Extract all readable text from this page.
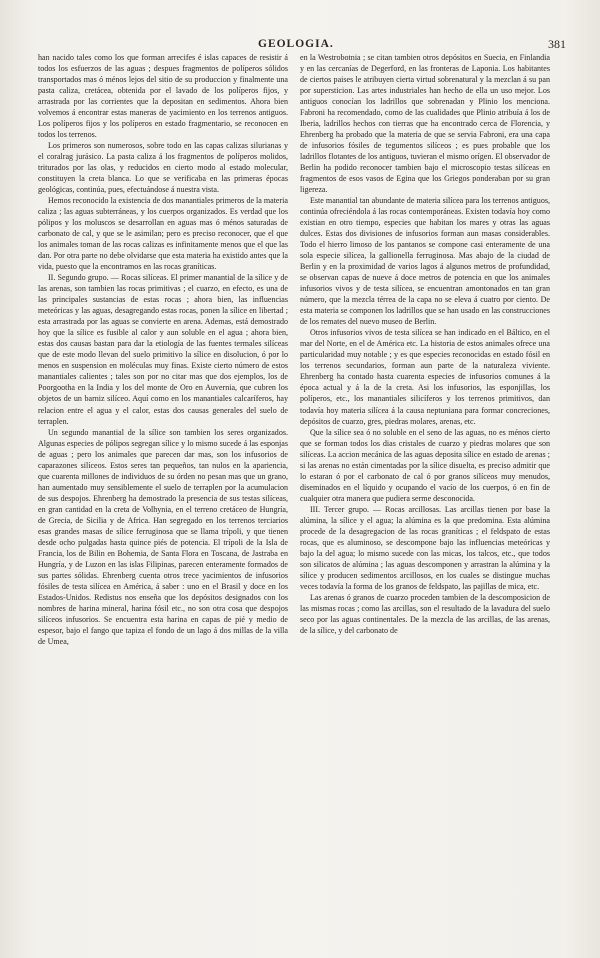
GEOLOGIA.	381

han nacido tales como los que forman arrecifes é islas capaces de resistir á todos los esfuerzos de las aguas ; despues fragmentos de políperos sólidos transportados mas ó ménos lejos del sitio de su produccion y finalmente una pasta caliza, cretácea, obtenida por el lavado de los políperos fijos, y arrastrada por las corrientes que la depositan en sedimentos. Ahora bien volvemos á encontrar estas maneras de yacimiento en los terrenos antiguos. Los políperos fijos y los políperos en estado fragmentario, se reconocen en todos los terrenos.

Los primeros son numerosos, sobre todo en las capas calizas silurianas y el coralrag jurásico. La pasta caliza á los fragmentos de políperos molidos, triturados por las olas, y reducidos en cierto modo al estado molecular, constituyen la creta blanca. Lo que se verificaba en las primeras épocas geológicas, continúa, pues, efectuándose á nuestra vista.

Hemos reconocido la existencia de dos manantiales primeros de la materia caliza ; las aguas subterráneas, y los cuerpos organizados. Es verdad que los pólipos y los moluscos se desarrollan en aguas mas ó ménos saturadas de carbonato de cal, y que se le asimilan; pero es preciso reconocer, que el que los animales toman de las rocas calizas es infinitamente menos que el que las dan. Por otra parte no debe olvidarse que esta materia ha existido antes que la vida, puesto que la encontramos en las rocas graníticas.

II. Segundo grupo. — Rocas silíceas. El primer manantial de la sílice y de las arenas, son tambien las rocas primitivas ; el cuarzo, en efecto, es una de las principales sustancias de estas rocas ; ahora bien, las influencias meteóricas y las aguas, desagregando estas rocas, ponen la sílice en libertad ; esta arrastrada por las aguas se convierte en arena. Ademas, está demostrado hoy que la sílice es fusible al calor y aun soluble en el agua ; ahora bien, estas dos causas bastan para dar la etiología de las fuentes termales silíceas que de este modo llevan del suelo primitivo la sílice en disolucion, ó por lo menos en suspension en moléculas muy finas. Existe cierto número de estos manantiales calientes ; tales son por no citar mas que dos ejemplos, los de Poorgootha en la India y los del monte de Oro en Auvernia, que cubren los objetos de un barniz silíceo. Aquí como en los manantiales calcaríferos, hay relacion entre el agua y el calor, estas dos causas generales del suelo de terraplen.

Un segundo manantial de la sílice son tambien los seres organizados. Algunas especies de pólipos segregan sílice y lo mismo sucede á las esponjas de aguas ; pero los animales que parecen dar mas, son los infusorios de caparazones silíceos. Estos seres tan pequeños, tan nulos en la apariencia, que cuarenta millones de individuos de su órden no pesan mas que un grano, han aumentado muy sensiblemente el suelo de terraplen por la acumulacion de sus despojos. Ehrenberg ha demostrado la presencia de sus testas silíceas, en gran cantidad en la creta de Volhynia, en el terreno cretáceo de Hungría, de Grecia, de Sicilia y de Africa. Han segregado en los terrenos terciarios esas grandes masas de sílice ferruginosa que se llama trípoli, y que tienen desde ocho pulgadas hasta quince piés de potencia. El trípoli de la Isla de Francia, los de Bilin en Bohemia, de Santa Flora en Toscana, de Jastraba en Hungría, y de Luzon en las islas Filipinas, parecen enteramente formados de sus partes sólidas. Ehrenberg cuenta otros trece yacimientos de infusorios fósiles de testa silícea en América, á saber : uno en el Brasil y doce en los Estados-Unidos. Redistus nos enseña que los depósitos designados con los nombres de harina mineral, harina fósil etc., no son otra cosa que despojos silíceos infusorios. Se encuentra esta harina en capas de pié y medio de espesor, bajo el fango que tapiza el fondo de un lago á dos millas de la villa de Umea,

en la Westrobotnia ; se citan tambien otros depósitos en Suecia, en Finlandia y en las cercanías de Degerford, en las fronteras de Laponia. Los habitantes de ciertos paises le atribuyen cierta virtud sobrenatural y la mezclan á su pan por supersticion. Las artes industriales han hecho de ella un uso mejor. Los antiguos conocían los ladrillos que sobrenadan y Plinio los menciona. Fabroni ha recomendado, como de las cualidades que Plinio atribuía á los de Iberia, ladrillos hechos con tierras que ha encontrado cerca de Florencia, y Ehrenberg ha probado que la materia de que se servia Fabroni, era una capa de infusorios fósiles de tegumentos silíceos ; es pues probable que los ladrillos flotantes de los antiguos, tuvieran el mismo orígen. El observador de Berlin ha podido reconocer tambien bajo el microscopio testas silíceas en fragmentos de esos vasos de Egina que los Griegos ponderaban por su gran ligereza.

Este manantial tan abundante de materia silícea para los terrenos antiguos, continúa ofreciéndola á las rocas contemporáneas. Existen todavía hoy como existian en otro tiempo, especies que habitan los mares y otras las aguas dulces. Estas dos divisiones de infusorios forman aun masas considerables. Todo el hierro limoso de los pantanos se compone casi enteramente de una sola especie silícea, la gallionella ferruginosa. Mas abajo de la ciudad de Berlin y en la proximidad de varios lagos á algunos metros de profundidad, se observan capas de nueve á doce metros de potencia en que los animales infusorios vivos y de testa silícea, se encuentran amontonados en tan gran número, que la mezcla térrea de la capa no se eleva á cuatro por ciento. De esta materia se componen los ladrillos que se han usado en las construcciones de los remates del nuevo museo de Berlin.

Otros infusorios vivos de testa silícea se han indicado en el Báltico, en el mar del Norte, en el de América etc. La historia de estos animales ofrece una particularidad muy notable ; y es que especies reconocidas en estado fósil en los terrenos secundarios, forman aun parte de la naturaleza viviente. Ehrenberg ha contado hasta cuarenta especies de infusorios comunes á la época actual y á la de la creta. Asi los infusorios, las esponjillas, los políperos, etc., los manantiales silicíferos y los terrenos primitivos, dan todavía hoy materia silícea á la causa neptuniana para formar concreciones, depósitos de cuarzo, gres, piedras molares, arenas, etc.

Que la sílice sea ó no soluble en el seno de las aguas, no es ménos cierto que se forman todos los dias cristales de cuarzo y piedras molares que son silíceas. La accion mecánica de las aguas deposita sílice en estado de arenas ; si las arenas no están cimentadas por la sílice disuelta, es preciso admitir que lo estaran ó por el carbonato de cal ó por granos silíceos muy menudos, diseminados en el líquido y ocupando el vacío de los cuerpos, ó en fin de cualquier otra manera que pudiera serme desconocida.

III. Tercer grupo. — Rocas arcillosas. Las arcillas tienen por base la alúmina, la sílice y el agua; la alúmina es la que predomina. Esta alúmina procede de la desagregacion de las rocas graníticas ; el feldspato de estas rocas, que es aluminoso, se descompone bajo las influencias meteóricas y bajo la del agua; lo mismo sucede con las micas, los talcos, etc., que todos son silicatos de alúmina ; las aguas descomponen y arrastran la alúmina y la sílice y producen sedimentos arcillosos, en los cuales se distingue muchas veces todavía la forma de los granos de feldspato, las pajillas de mica, etc.

Las arenas ó granos de cuarzo proceden tambien de la descomposicion de las mismas rocas ; como las arcillas, son el resultado de la lavadura del suelo seco por las aguas continentales. De la mezcla de las arcillas, de las arenas, de la sílice, y del carbonato de
